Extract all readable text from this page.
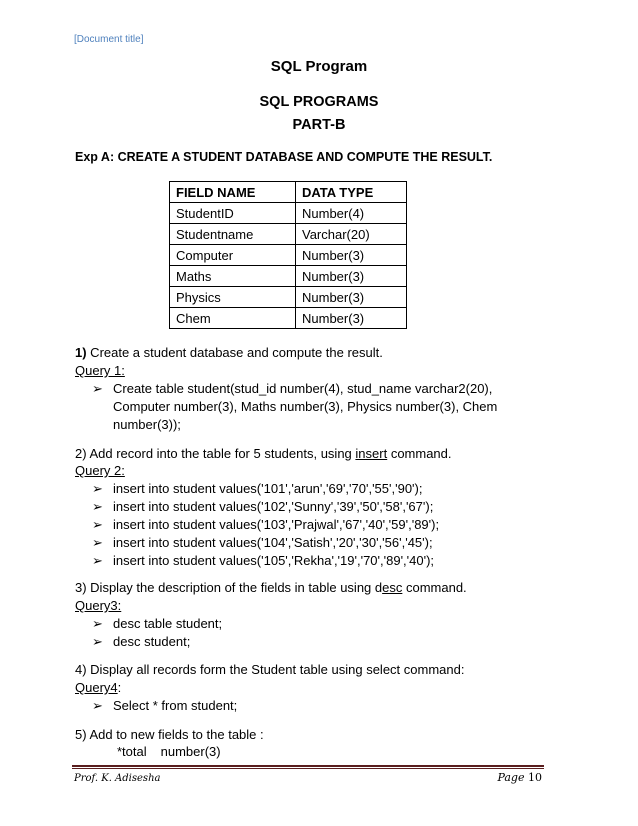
[Document title]
SQL Program
SQL PROGRAMS
PART-B
Exp A: CREATE A STUDENT DATABASE AND COMPUTE THE RESULT.
FIELD NAME	DATA TYPE
StudentID	Number(4)
Studentname	Varchar(20)
Computer	Number(3)
Maths	Number(3)
Physics	Number(3)
Chem	Number(3)
1) Create a student database and compute the result.
Query 1:
➢ Create table student(stud_id number(4), stud_name varchar2(20), Computer number(3), Maths number(3), Physics number(3), Chem number(3));
2) Add record into the table for 5 students, using insert command.
Query 2:
➢ insert into student values('101','arun','69','70','55','90');
➢ insert into student values('102','Sunny','39','50','58','67');
➢ insert into student values('103','Prajwal','67','40','59','89');
➢ insert into student values('104','Satish','20','30','56','45');
➢ insert into student values('105','Rekha','19','70','89','40');
3) Display the description of the fields in table using desc command.
Query3:
➢ desc table student;
➢ desc student;
4) Display all records form the Student table using select command:
Query4:
➢ Select * from student;
5) Add to new fields to the table :
*total number(3)
Prof. K. Adisesha	Page 10
